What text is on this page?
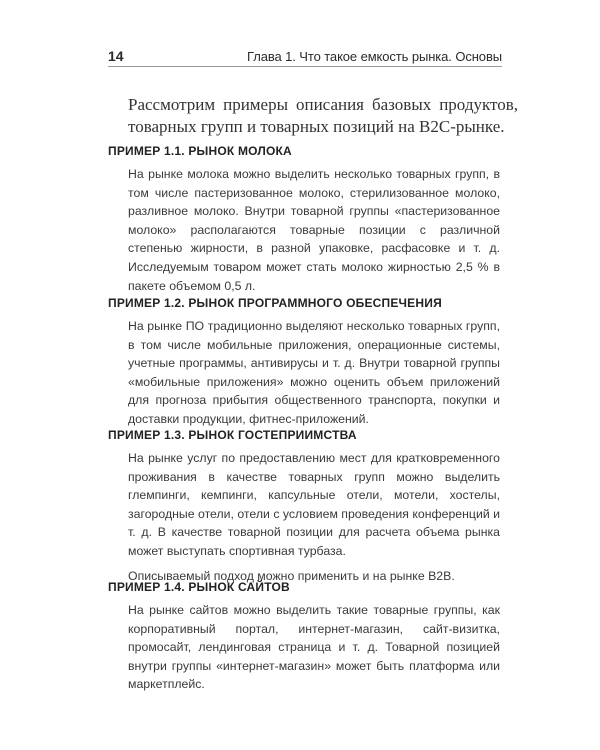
14	Глава 1. Что такое емкость рынка. Основы

Рассмотрим примеры описания базовых продуктов, товарных групп и товарных позиций на B2C-рынке.

ПРИМЕР 1.1. РЫНОК МОЛОКА

На рынке молока можно выделить несколько товарных групп, в том числе пастеризованное молоко, стерилизованное молоко, разливное молоко. Внутри товарной группы «пастеризованное молоко» располагаются товарные позиции с различной степенью жирности, в разной упаковке, расфасовке и т. д. Исследуемым товаром может стать молоко жирностью 2,5 % в пакете объемом 0,5 л.

ПРИМЕР 1.2. РЫНОК ПРОГРАММНОГО ОБЕСПЕЧЕНИЯ

На рынке ПО традиционно выделяют несколько товарных групп, в том числе мобильные приложения, операционные системы, учетные программы, антивирусы и т. д. Внутри товарной группы «мобильные приложения» можно оценить объем приложений для прогноза прибытия общественного транспорта, покупки и доставки продукции, фитнес-приложений.

ПРИМЕР 1.3. РЫНОК ГОСТЕПРИИМСТВА

На рынке услуг по предоставлению мест для кратковременного проживания в качестве товарных групп можно выделить глемпинги, кемпинги, капсульные отели, мотели, хостелы, загородные отели, отели с условием проведения конференций и т. д. В качестве товарной позиции для расчета объема рынка может выступать спортивная турбаза.

Описываемый подход можно применить и на рынке B2B.

ПРИМЕР 1.4. РЫНОК САЙТОВ

На рынке сайтов можно выделить такие товарные группы, как корпоративный портал, интернет-магазин, сайт-визитка, промосайт, лендинговая страница и т. д. Товарной позицией внутри группы «интернет-магазин» может быть платформа или маркетплейс.
